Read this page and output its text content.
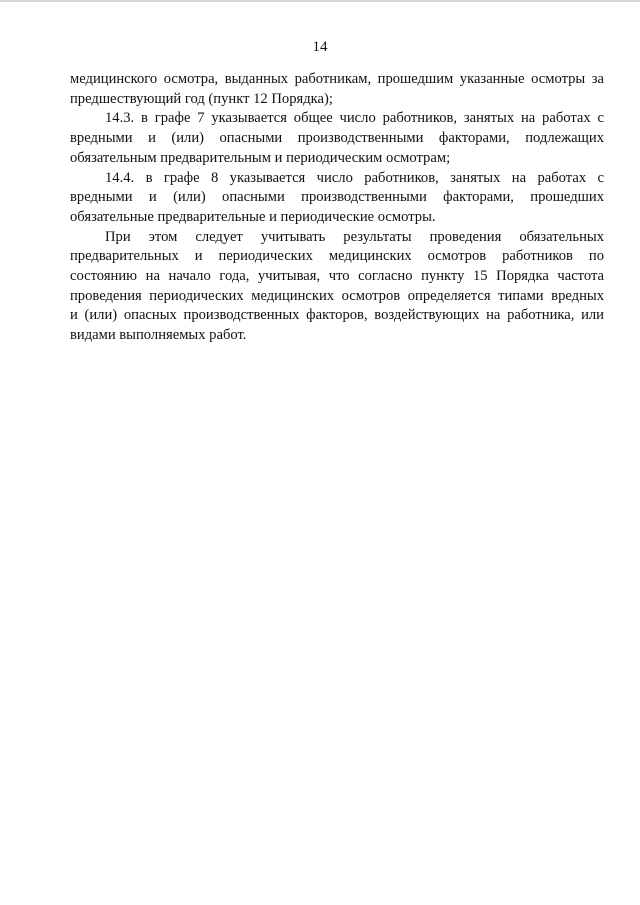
14

медицинского осмотра, выданных работникам, прошедшим указанные осмотры за
предшествующий год (пункт 12 Порядка);

14.3. в графе 7 указывается общее число работников, занятых на работах с
вредными и (или) опасными производственными факторами, подлежащих
обязательным предварительным и периодическим осмотрам;

14.4. в графе 8 указывается число работников, занятых на работах с
вредными и (или) опасными производственными факторами, прошедших
обязательные предварительные и периодические осмотры.

При этом следует учитывать результаты проведения обязательных
предварительных и периодических медицинских осмотров работников по
состоянию на начало года, учитывая, что согласно пункту 15 Порядка частота
проведения периодических медицинских осмотров определяется типами вредных
и (или) опасных производственных факторов, воздействующих на работника, или
видами выполняемых работ.
